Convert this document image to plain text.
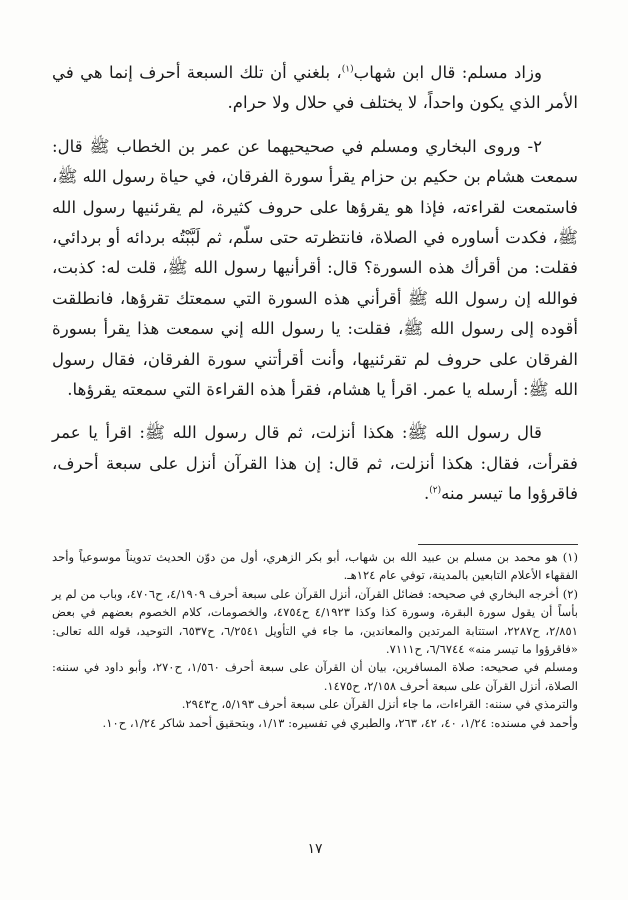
وزاد مسلم: قال ابن شهاب$^{(١)}$، بلغني أن تلك السبعة أحرف إنما هي في الأمر الذي يكون واحداً، لا يختلف في حلال ولا حرام.

٢- وروى البخاري ومسلم في صحيحيهما عن عمر بن الخطاب ﷺ قال: سمعت هشام بن حكيم بن حزام يقرأ سورة الفرقان، في حياة رسول الله ﷺ، فاستمعت لقراءته، فإذا هو يقرؤها على حروف كثيرة، لم يقرئنيها رسول الله ﷺ، فكدت أساوره في الصلاة، فانتظرته حتى سلّم، ثم لَبَّبْتُه بردائه أو بردائي، فقلت: من أقرأك هذه السورة؟ قال: أقرأنيها رسول الله ﷺ، قلت له: كذبت، فوالله إن رسول الله ﷺ أقرأني هذه السورة التي سمعتك تقرؤها، فانطلقت أقوده إلى رسول الله ﷺ، فقلت: يا رسول الله إني سمعت هذا يقرأ بسورة الفرقان على حروف لم تقرئنيها، وأنت أقرأتني سورة الفرقان، فقال رسول الله ﷺ: أرسله يا عمر. اقرأ يا هشام، فقرأ هذه القراءة التي سمعته يقرؤها.

قال رسول الله ﷺ: هكذا أنزلت، ثم قال رسول الله ﷺ: اقرأ يا عمر فقرأت، فقال: هكذا أنزلت، ثم قال: إن هذا القرآن أنزل على سبعة أحرف، فاقرؤوا ما تيسر منه$^{(٢)}$.

(١) هو محمد بن مسلم بن عبيد الله بن شهاب، أبو بكر الزهري، أول من دوّن الحديث تدويناً موسوعياً وأحد الفقهاء الأعلام التابعين بالمدينة، توفي عام ١٢٤هـ.

(٢) أخرجه البخاري في صحيحه: فضائل القرآن، أنزل القرآن على سبعة أحرف ٤/١٩٠٩، ح٤٧٠٦، وباب من لم ير بأساً أن يقول سورة البقرة، وسورة كذا وكذا ٤/١٩٢٣ ح٤٧٥٤، والخصومات، كلام الخصوم بعضهم في بعض ٢/٨٥١، ح٢٢٨٧، استتابة المرتدين والمعاندين، ما جاء في التأويل ٦/٢٥٤١، ح٦٥٣٧، التوحيد، قوله الله تعالى: «فاقرؤوا ما تيسر منه» ٦/٦٧٤٤، ح٧١١١.

ومسلم في صحيحه: صلاة المسافرين، بيان أن القرآن على سبعة أحرف ١/٥٦٠، ح٢٧٠، وأبو داود في سننه: الصلاة، أنزل القرآن على سبعة أحرف ٢/١٥٨، ح١٤٧٥.

والترمذي في سننه: القراءات، ما جاء أنزل القرآن على سبعة أحرف ٥/١٩٣، ح٢٩٤٣.

وأحمد في مسنده: ١/٢٤، ٤٠، ٤٢، ٢٦٣، والطبري في تفسيره: ١/١٣، وبتحقيق أحمد شاكر ١/٢٤، ح١٠.

١٧
